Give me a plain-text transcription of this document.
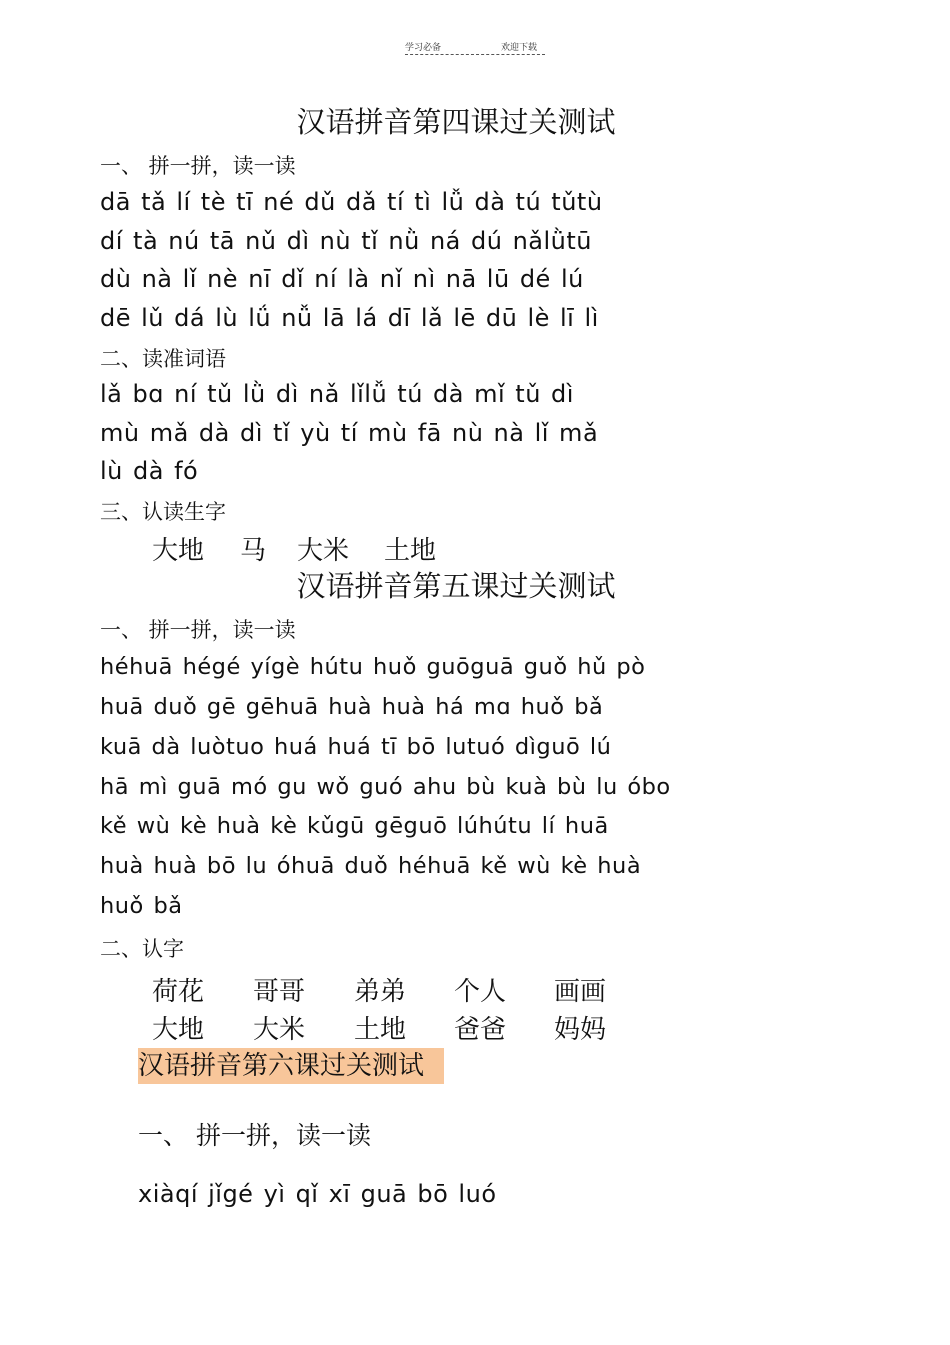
学习必备	欢迎下载
汉语拼音第四课过关测试
一、 拼一拼，读一读
dā tǎ lí tè tī né dǔ dǎ tí tì lǚ dà tú tǔtù
dí tà nú tā nǔ dì nù tǐ nǜ ná dú nǎlǜtū
dù nà lǐ nè nī dǐ ní là nǐ nì nā lū dé lú
dē lǔ dá lù lǘ nǚ lā lá dī lǎ lē dū lè lī lì
二、读准词语
lǎ bɑ ní tǔ lǜ dì nǎ lǐlǚ tú dà mǐ tǔ dì
mù mǎ dà dì tǐ yù tí mù fā nù nà lǐ mǎ
lù dà fó
三、认读生字
大地 马 大米 土地
汉语拼音第五课过关测试
一、 拼一拼，读一读
héhuā hégé yígè hútu huǒ guōguā guǒ hǔ pò
huā duǒ gē gēhuā huà huà há mɑ huǒ bǎ
kuā dà luòtuo huá huá tī bō lutuó dìguō lú
hā mì guā mó gu wǒ guó ahu bù kuà bù lu óbo
kě wù kè huà kè kǔgū gēguō lúhútu lí huā
huà huà bō lu óhuā duǒ héhuā kě wù kè huà
huǒ bǎ
二、认字
荷花 哥哥 弟弟 个人 画画
大地 大米 土地 爸爸 妈妈
汉语拼音第六课过关测试
一、 拼一拼，读一读
xiàqí jǐgé yì qǐ xī guā bō luó
